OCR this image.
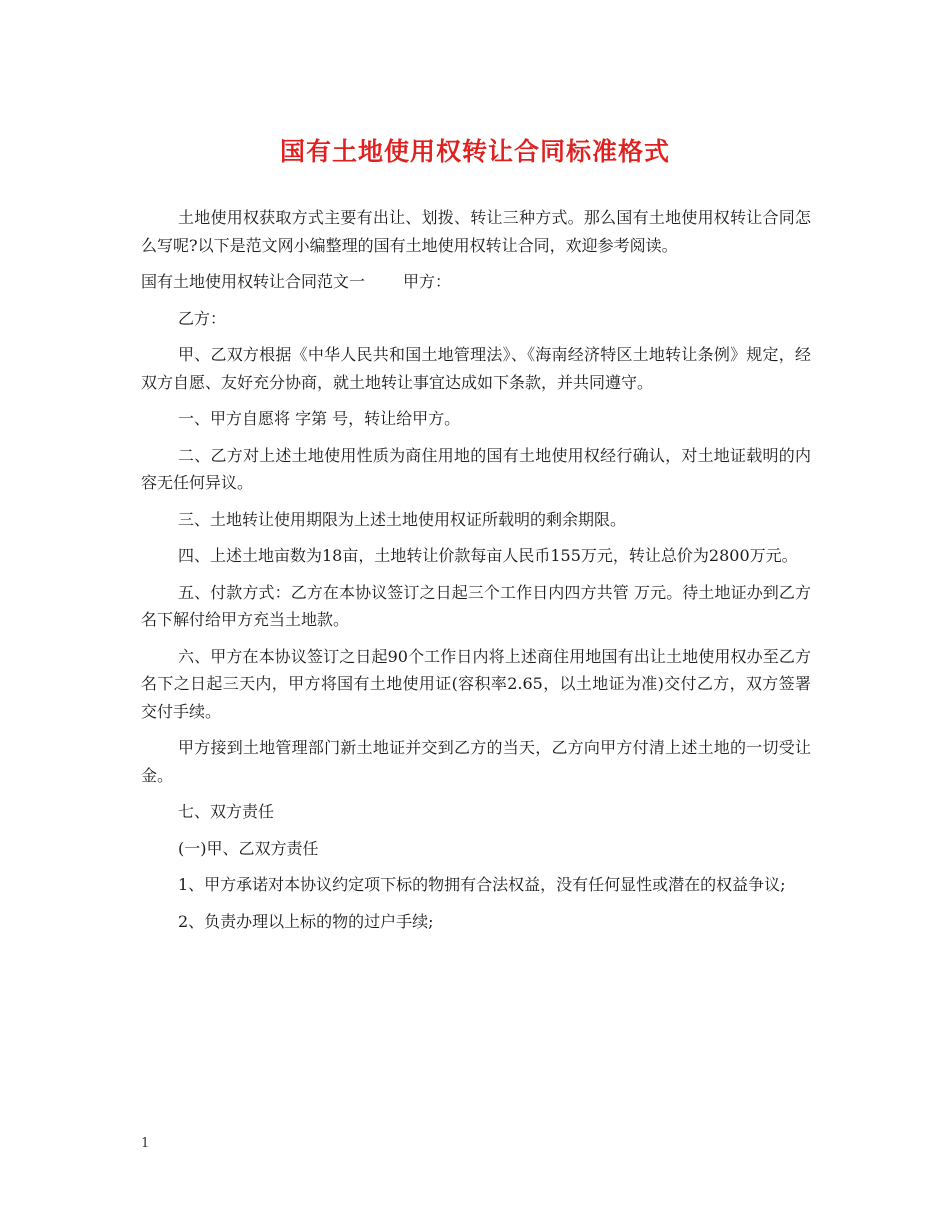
国有土地使用权转让合同标准格式

土地使用权获取方式主要有出让、划拨、转让三种方式。那么国有土地使用权转让合同怎么写呢?以下是范文网小编整理的国有土地使用权转让合同，欢迎参考阅读。

国有土地使用权转让合同范文一 甲方：

乙方：

甲、乙双方根据《中华人民共和国土地管理法》、《海南经济特区土地转让条例》规定，经双方自愿、友好充分协商，就土地转让事宜达成如下条款，并共同遵守。

一、甲方自愿将 字第 号，转让给甲方。

二、乙方对上述土地使用性质为商住用地的国有土地使用权经行确认，对土地证载明的内容无任何异议。

三、土地转让使用期限为上述土地使用权证所载明的剩余期限。

四、上述土地亩数为18亩，土地转让价款每亩人民币155万元，转让总价为2800万元。

五、付款方式：乙方在本协议签订之日起三个工作日内四方共管 万元。待土地证办到乙方名下解付给甲方充当土地款。

六、甲方在本协议签订之日起90个工作日内将上述商住用地国有出让土地使用权办至乙方名下之日起三天内，甲方将国有土地使用证(容积率2.65，以土地证为准)交付乙方，双方签署交付手续。

甲方接到土地管理部门新土地证并交到乙方的当天，乙方向甲方付清上述土地的一切受让金。

七、双方责任

(一)甲、乙双方责任

1、甲方承诺对本协议约定项下标的物拥有合法权益，没有任何显性或潜在的权益争议;

2、负责办理以上标的物的过户手续;

1
